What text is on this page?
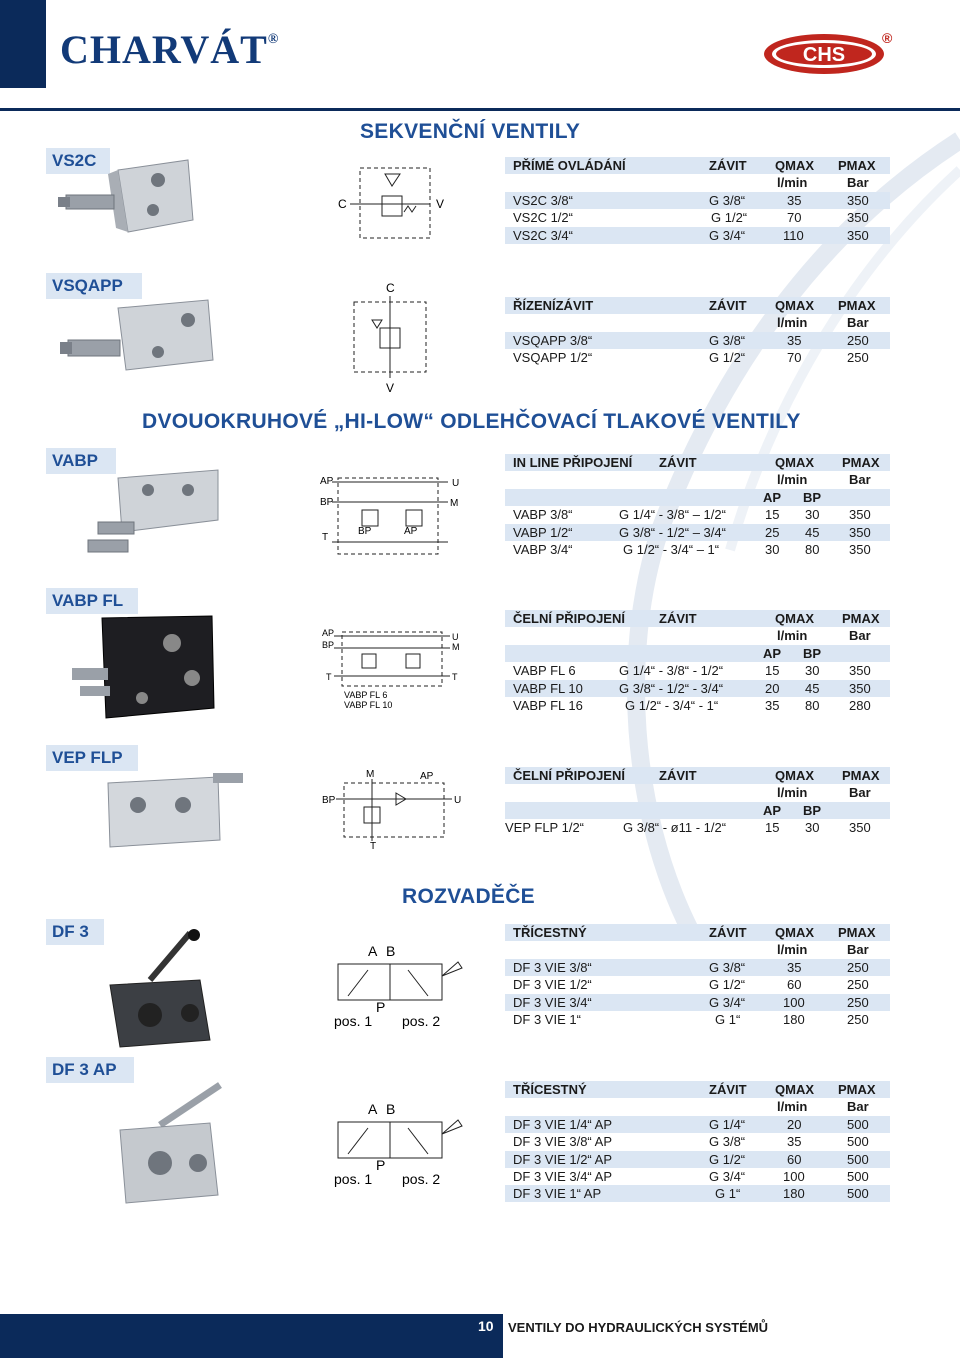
CHARVÁT®
CHS
®
SEKVENČNÍ VENTILY
DVOUOKRUHOVÉ „HI-LOW“ ODLEHČOVACÍ TLAKOVÉ VENTILY
ROZVADĚČE
VS2C
VSQAPP
VABP
VABP FL
VEP FLP
DF 3
DF 3 AP
C	V
C
V
AP
BP
T
U
M
BP	AP
AP
BP
T
U
M
T
VABP FL 6
VABP FL 10
M	AP
BP	U
T
A B
P
pos. 1 pos. 2
A B
P
pos. 1 pos. 2
PŘÍMÉ OVLÁDÁNÍ	ZÁVIT QMAX PMAX
l/min	Bar
VS2C 3/8“	G 3/8“	35	350
VS2C 1/2“	G 1/2“	70	350
VS2C 3/4“	G 3/4“	110	350
ŘÍZENÍZÁVIT	ZÁVIT QMAX PMAX
l/min	Bar
VSQAPP 3/8“	G 3/8“	35	250
VSQAPP 1/2“	G 1/2“	70	250
IN LINE PŘIPOJENÍ ZÁVIT	QMAX PMAX
l/min	Bar
AP BP
VABP 3/8“	G 1/4“ - 3/8“ – 1/2“	15 30 350
VABP 1/2“	G 3/8“ - 1/2“ – 3/4“	25 45 350
VABP 3/4“	G 1/2“ - 3/4“ – 1“	30 80 350
ČELNÍ PŘIPOJENÍ	ZÁVIT	QMAX PMAX
l/min	Bar
AP BP
VABP FL 6	G 1/4“ - 3/8“ - 1/2“	15 30 350
VABP FL 10	G 3/8“ - 1/2“ - 3/4“	20 45 350
VABP FL 16	G 1/2“ - 3/4“ - 1“	35 80 280
ČELNÍ PŘIPOJENÍ	ZÁVIT	QMAX PMAX
l/min	Bar
AP BP
VEP FLP 1/2“	G 3/8“ - ø11 - 1/2“	15 30 350
TŘÍCESTNÝ	ZÁVIT QMAX PMAX
l/min	Bar
DF 3 VIE 3/8“	G 3/8“	35	250
DF 3 VIE 1/2“	G 1/2“	60	250
DF 3 VIE 3/4“	G 3/4“	100	250
DF 3 VIE 1“	G 1“	180	250
TŘÍCESTNÝ	ZÁVIT QMAX PMAX
l/min	Bar
DF 3 VIE 1/4“ AP	G 1/4“	20	500
DF 3 VIE 3/8“ AP	G 3/8“	35	500
DF 3 VIE 1/2“ AP	G 1/2“	60	500
DF 3 VIE 3/4“ AP	G 3/4“	100	500
DF 3 VIE 1“ AP	G 1“	180	500
10 VENTILY DO HYDRAULICKÝCH SYSTÉMŮ
